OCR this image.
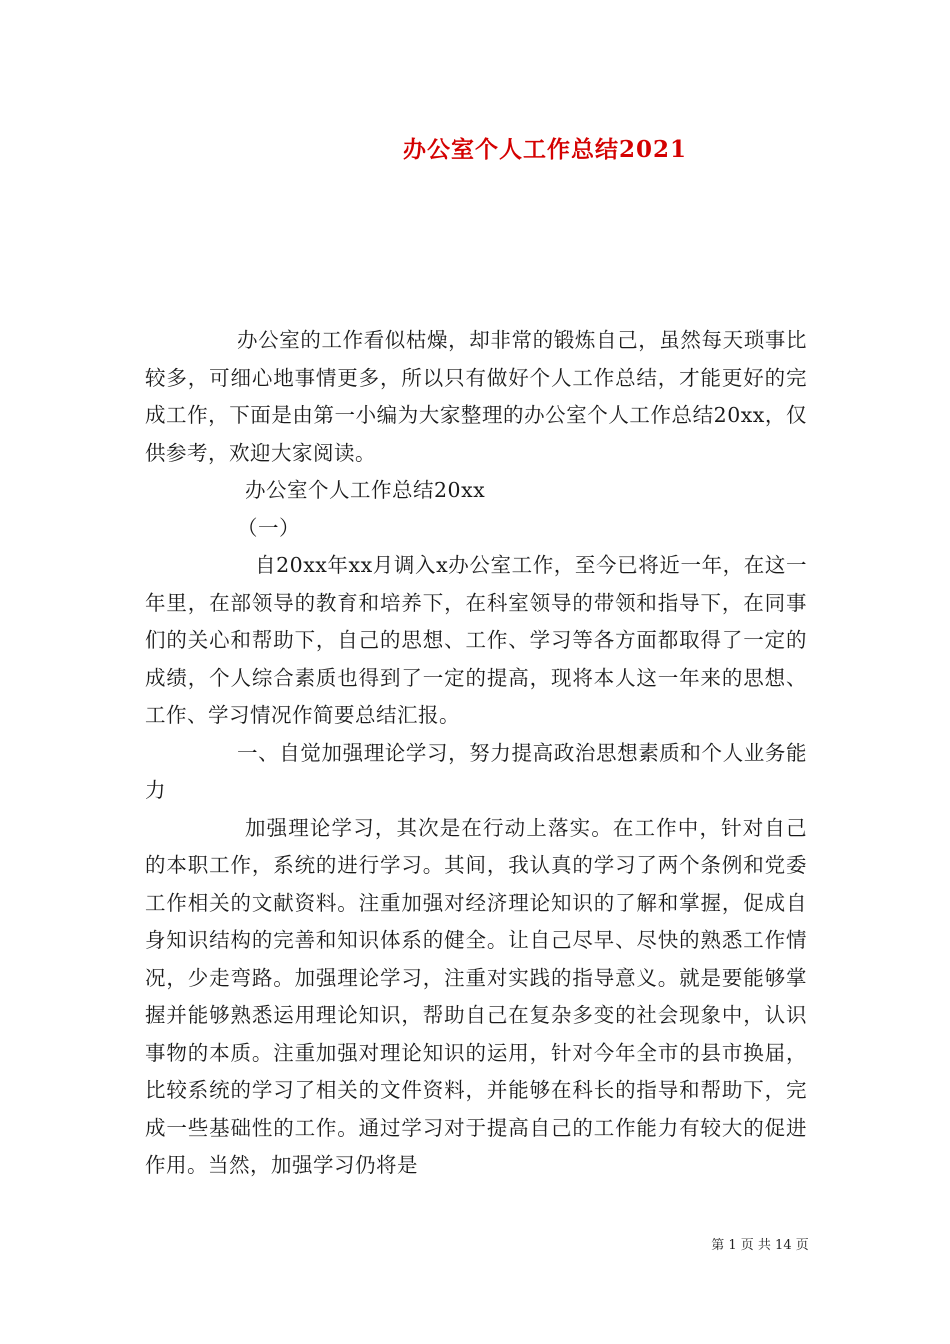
办公室个人工作总结2021

办公室的工作看似枯燥，却非常的锻炼自己，虽然每天琐事比较多，可细心地事情更多，所以只有做好个人工作总结，才能更好的完成工作，下面是由第一小编为大家整理的办公室个人工作总结20xx，仅供参考，欢迎大家阅读。

办公室个人工作总结20xx

（一）

自20xx年xx月调入x办公室工作，至今已将近一年，在这一年里，在部领导的教育和培养下，在科室领导的带领和指导下，在同事们的关心和帮助下，自己的思想、工作、学习等各方面都取得了一定的成绩，个人综合素质也得到了一定的提高，现将本人这一年来的思想、工作、学习情况作简要总结汇报。

一、自觉加强理论学习，努力提高政治思想素质和个人业务能力

加强理论学习，其次是在行动上落实。在工作中，针对自己的本职工作，系统的进行学习。其间，我认真的学习了两个条例和党委工作相关的文献资料。注重加强对经济理论知识的了解和掌握，促成自身知识结构的完善和知识体系的健全。让自己尽早、尽快的熟悉工作情况，少走弯路。加强理论学习，注重对实践的指导意义。就是要能够掌握并能够熟悉运用理论知识，帮助自己在复杂多变的社会现象中，认识事物的本质。注重加强对理论知识的运用，针对今年全市的县市换届，比较系统的学习了相关的文件资料，并能够在科长的指导和帮助下，完成一些基础性的工作。通过学习对于提高自己的工作能力有较大的促进作用。当然，加强学习仍将是

第 1 页 共 14 页
